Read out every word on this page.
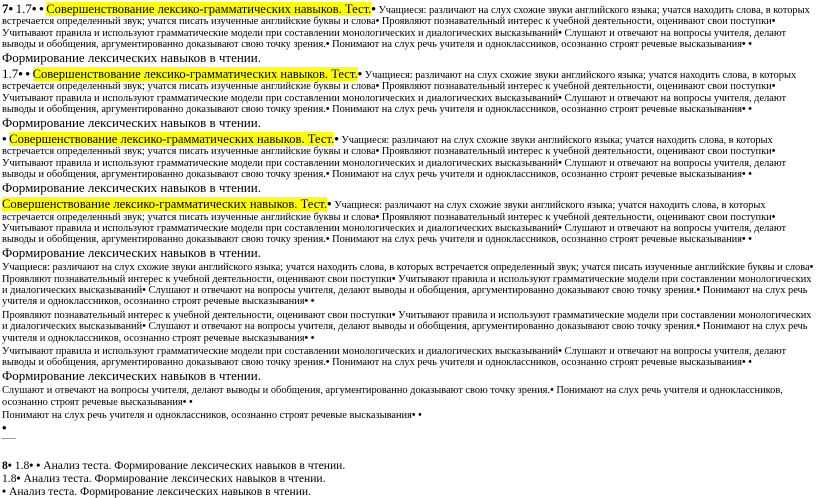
7• 1.7• • Совершенствование лексико-грамматических навыков. Тест.• Учащиеся: различают на слух схожие звуки английского языка; учатся находить слова, в которых встречается определенный звук; учатся писать изученные английские буквы и слова• Проявляют познавательный интерес к учебной деятельности, оценивают свои поступки• Учитывают правила и используют грамматические модели при составлении монологических и диалогических высказываний• Слушают и отвечают на вопросы учителя, делают выводы и обобщения, аргументированно доказывают свою точку зрения.• Понимают на слух речь учителя и одноклассников, осознанно строят речевые высказывания• •
Формирование лексических навыков в чтении.

1.7• • Совершенствование лексико-грамматических навыков. Тест.• Учащиеся: различают на слух схожие звуки английского языка; учатся находить слова, в которых встречается определенный звук; учатся писать изученные английские буквы и слова• Проявляют познавательный интерес к учебной деятельности, оценивают свои поступки• Учитывают правила и используют грамматические модели при составлении монологических и диалогических высказываний• Слушают и отвечают на вопросы учителя, делают выводы и обобщения, аргументированно доказывают свою точку зрения.• Понимают на слух речь учителя и одноклассников, осознанно строят речевые высказывания• •
Формирование лексических навыков в чтении.

• Совершенствование лексико-грамматических навыков. Тест.• Учащиеся: различают на слух схожие звуки английского языка; учатся находить слова, в которых встречается определенный звук; учатся писать изученные английские буквы и слова• Проявляют познавательный интерес к учебной деятельности, оценивают свои поступки• Учитывают правила и используют грамматические модели при составлении монологических и диалогических высказываний• Слушают и отвечают на вопросы учителя, делают выводы и обобщения, аргументированно доказывают свою точку зрения.• Понимают на слух речь учителя и одноклассников, осознанно строят речевые высказывания• •
Формирование лексических навыков в чтении.

Совершенствование лексико-грамматических навыков. Тест.• Учащиеся: различают на слух схожие звуки английского языка; учатся находить слова, в которых встречается определенный звук; учатся писать изученные английские буквы и слова• Проявляют познавательный интерес к учебной деятельности, оценивают свои поступки• Учитывают правила и используют грамматические модели при составлении монологических и диалогических высказываний• Слушают и отвечают на вопросы учителя, делают выводы и обобщения, аргументированно доказывают свою точку зрения.• Понимают на слух речь учителя и одноклассников, осознанно строят речевые высказывания• •
Формирование лексических навыков в чтении.

Учащиеся: различают на слух схожие звуки английского языка; учатся находить слова, в которых встречается определенный звук; учатся писать изученные английские буквы и слова• Проявляют познавательный интерес к учебной деятельности, оценивают свои поступки• Учитывают правила и используют грамматические модели при составлении монологических и диалогических высказываний• Слушают и отвечают на вопросы учителя, делают выводы и обобщения, аргументированно доказывают свою точку зрения.• Понимают на слух речь учителя и одноклассников, осознанно строят речевые высказывания• •

Проявляют познавательный интерес к учебной деятельности, оценивают свои поступки• Учитывают правила и используют грамматические модели при составлении монологических и диалогических высказываний• Слушают и отвечают на вопросы учителя, делают выводы и обобщения, аргументированно доказывают свою точку зрения.• Понимают на слух речь учителя и одноклассников, осознанно строят речевые высказывания• •

Учитывают правила и используют грамматические модели при составлении монологических и диалогических высказываний• Слушают и отвечают на вопросы учителя, делают выводы и обобщения, аргументированно доказывают свою точку зрения.• Понимают на слух речь учителя и одноклассников, осознанно строят речевые высказывания• •
Формирование лексических навыков в чтении.

Слушают и отвечают на вопросы учителя, делают выводы и обобщения, аргументированно доказывают свою точку зрения.• Понимают на слух речь учителя и одноклассников, осознанно строят речевые высказывания• •

Понимают на слух речь учителя и одноклассников, осознанно строят речевые высказывания• •
•

8• 1.8• • Анализ теста. Формирование лексических навыков в чтении.

1.8• Анализ теста. Формирование лексических навыков в чтении.

• Анализ теста. Формирование лексических навыков в чтении.
